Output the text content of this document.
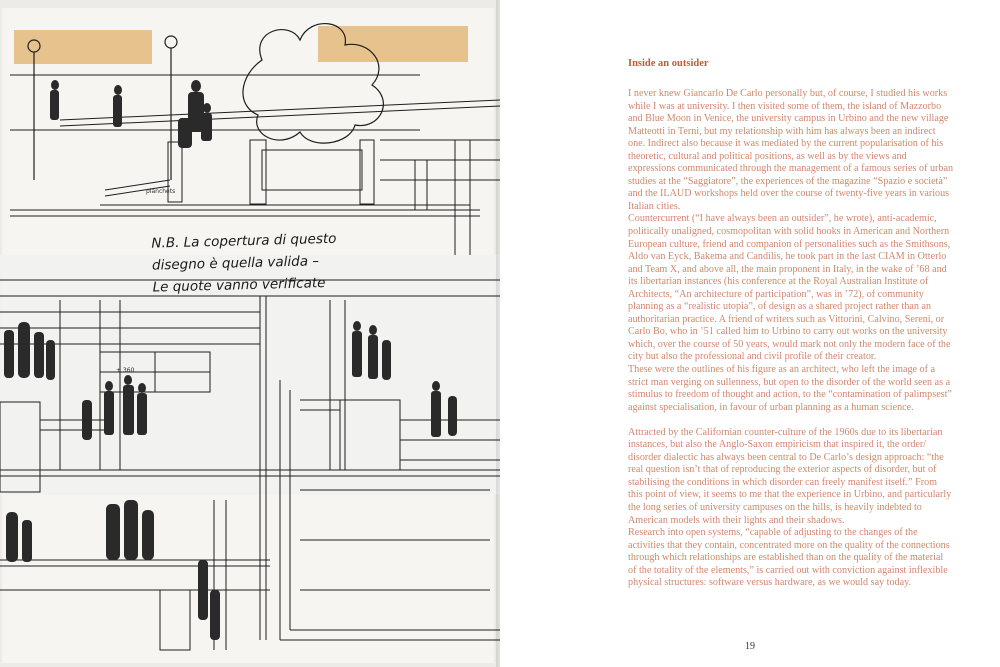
planchets
+ 360
N.B. La copertura di questo
disegno è quella valida –
Le quote vanno verificate
Inside an outsider

I never knew Giancarlo De Carlo personally but, of course, I studied his works while I was at university. I then visited some of them, the island of Mazzorbo and Blue Moon in Venice, the university campus in Urbino and the new village Matteotti in Terni, but my relationship with him has always been an indirect one. Indirect also because it was mediated by the current popularisation of his theoretic, cultural and political positions, as well as by the views and expressions communicated through the management of a famous series of urban studies at the “Saggiatore”, the experiences of the magazine “Spazio e società” and the ILAUD workshops held over the course of twenty-five years in various Italian cities.

Countercurrent (“I have always been an outsider”, he wrote), anti-academic, politically unaligned, cosmopolitan with solid hooks in American and Northern European culture, friend and companion of personalities such as the Smithsons, Aldo van Eyck, Bakema and Candilis, he took part in the last CIAM in Otterlo and Team X, and above all, the main proponent in Italy, in the wake of ’68 and its libertarian instances (his conference at the Royal Australian Institute of Architects, “An architecture of participation”, was in ’72), of community planning as a “realistic utopia”, of design as a shared project rather than an authoritarian practice. A friend of writers such as Vittorini, Calvino, Sereni, or Carlo Bo, who in ’51 called him to Urbino to carry out works on the university which, over the course of 50 years, would mark not only the modern face of the city but also the professional and civil profile of their creator.

These were the outlines of his figure as an architect, who left the image of a strict man verging on sullenness, but open to the disorder of the world seen as a stimulus to freedom of thought and action, to the “contamination of palimpsest” against specialisation, in favour of urban planning as a human science.

Attracted by the Californian counter-culture of the 1960s due to its libertarian instances, but also the Anglo-Saxon empiricism that inspired it, the order/ disorder dialectic has always been central to De Carlo’s design approach: “the real question isn’t that of reproducing the exterior aspects of disorder, but of stabilising the conditions in which disorder can freely manifest itself.” From this point of view, it seems to me that the experience in Urbino, and particularly the long series of university campuses on the hills, is heavily indebted to American models with their lights and their shadows.

Research into open systems, “capable of adjusting to the changes of the activities that they contain, concentrated more on the quality of the connections through which relationships are established than on the quality of the material of the totality of the elements,” is carried out with conviction against inflexible physical structures: software versus hardware, as we would say today.

19
